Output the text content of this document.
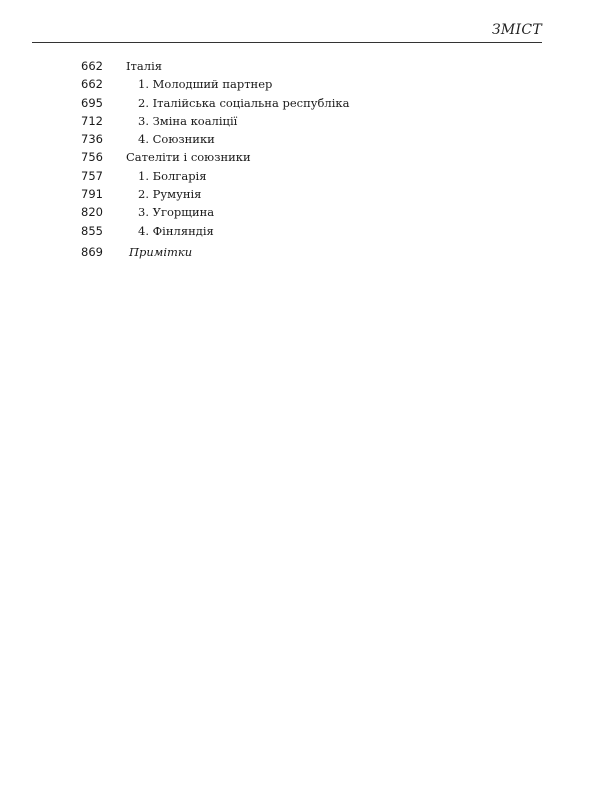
ЗМІСТ
662 Італія
662	1. Молодший партнер
695	2. Італійська соціальна республіка
712	3. Зміна коаліції
736	4. Союзники
756 Сателіти і союзники
757	1. Болгарія
791	2. Румунія
820	3. Угорщина
855	4. Фінляндія
869 Примітки
